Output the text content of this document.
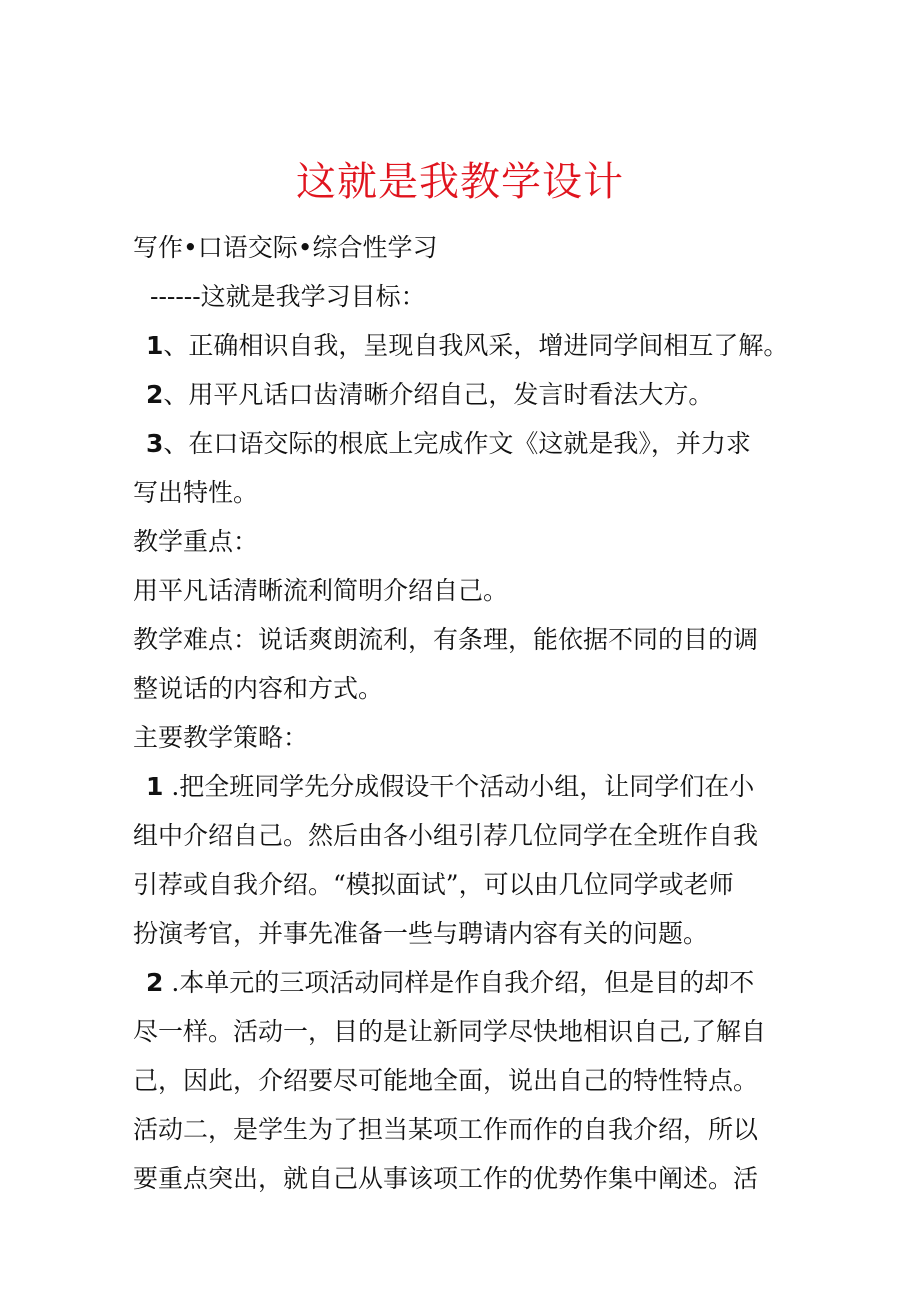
这就是我教学设计
写作•口语交际•综合性学习
------这就是我学习目标：
1、正确相识自我，呈现自我风采，增进同学间相互了解。
2、用平凡话口齿清晰介绍自己，发言时看法大方。
3、在口语交际的根底上完成作文《这就是我》，并力求
写出特性。
教学重点：
用平凡话清晰流利简明介绍自己。
教学难点：说话爽朗流利，有条理，能依据不同的目的调
整说话的内容和方式。
主要教学策略：
1 .把全班同学先分成假设干个活动小组，让同学们在小
组中介绍自己。然后由各小组引荐几位同学在全班作自我
引荐或自我介绍。“模拟面试”，可以由几位同学或老师
扮演考官，并事先准备一些与聘请内容有关的问题。
2 .本单元的三项活动同样是作自我介绍，但是目的却不
尽一样。活动一，目的是让新同学尽快地相识自己,了解自
己，因此，介绍要尽可能地全面，说出自己的特性特点。
活动二，是学生为了担当某项工作而作的自我介绍，所以
要重点突出，就自己从事该项工作的优势作集中阐述。活
